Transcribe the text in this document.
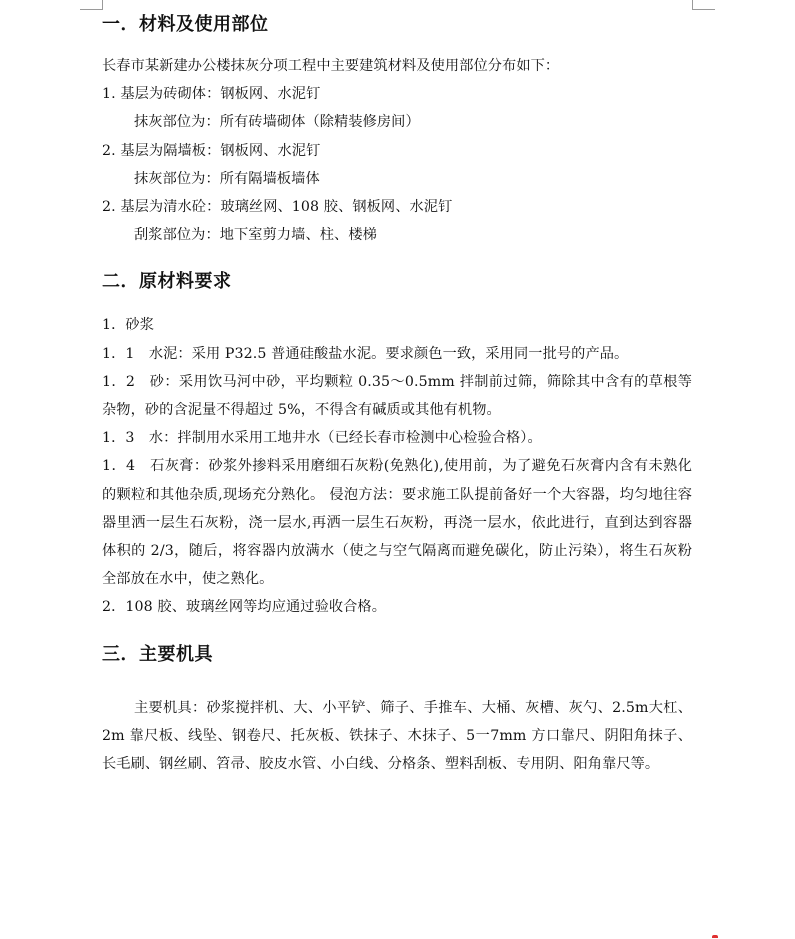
一．材料及使用部位
长春市某新建办公楼抹灰分项工程中主要建筑材料及使用部位分布如下：
1. 基层为砖砌体：钢板网、水泥钉
抹灰部位为：所有砖墙砌体（除精装修房间）
2. 基层为隔墙板：钢板网、水泥钉
抹灰部位为：所有隔墙板墙体
2. 基层为清水砼：玻璃丝网、108 胶、钢板网、水泥钉
刮浆部位为：地下室剪力墙、柱、楼梯
二．原材料要求
1．砂浆
1．1　水泥：采用 P32.5 普通硅酸盐水泥。要求颜色一致，采用同一批号的产品。

1．2　砂：采用饮马河中砂，平均颗粒 0.35～0.5mm 拌制前过筛，筛除其中含有的草根等杂物，砂的含泥量不得超过 5%，不得含有碱质或其他有机物。

1．3　水：拌制用水采用工地井水（已经长春市检测中心检验合格）。

1．4　石灰膏：砂浆外掺料采用磨细石灰粉(免熟化),使用前，为了避免石灰膏内含有未熟化的颗粒和其他杂质,现场充分熟化。 侵泡方法：要求施工队提前备好一个大容器，均匀地往容器里洒一层生石灰粉，浇一层水,再洒一层生石灰粉，再浇一层水，依此进行，直到达到容器体积的 2/3，随后，将容器内放满水（使之与空气隔离而避免碳化，防止污染），将生石灰粉全部放在水中，使之熟化。

2．108 胶、玻璃丝网等均应通过验收合格。
三．主要机具

主要机具：砂浆搅拌机、大、小平铲、筛子、手推车、大桶、灰槽、灰勺、2.5m大杠、2m 靠尺板、线坠、钢卷尺、托灰板、铁抹子、木抹子、5一7mm 方口靠尺、阴阳角抹子、长毛刷、钢丝刷、笤帚、胶皮水管、小白线、分格条、塑料刮板、专用阴、阳角靠尺等。
